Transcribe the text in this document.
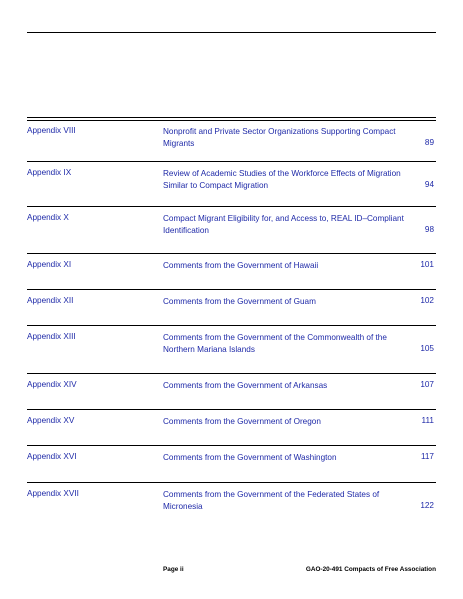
Appendix VIII	Nonprofit and Private Sector Organizations Supporting Compact Migrants	89
Appendix IX	Review of Academic Studies of the Workforce Effects of Migration Similar to Compact Migration	94
Appendix X	Compact Migrant Eligibility for, and Access to, REAL ID–Compliant Identification	98
Appendix XI	Comments from the Government of Hawaii	101
Appendix XII	Comments from the Government of Guam	102
Appendix XIII	Comments from the Government of the Commonwealth of the Northern Mariana Islands	105
Appendix XIV	Comments from the Government of Arkansas	107
Appendix XV	Comments from the Government of Oregon	111
Appendix XVI	Comments from the Government of Washington	117
Appendix XVII	Comments from the Government of the Federated States of Micronesia	122
Page ii	GAO-20-491 Compacts of Free Association
